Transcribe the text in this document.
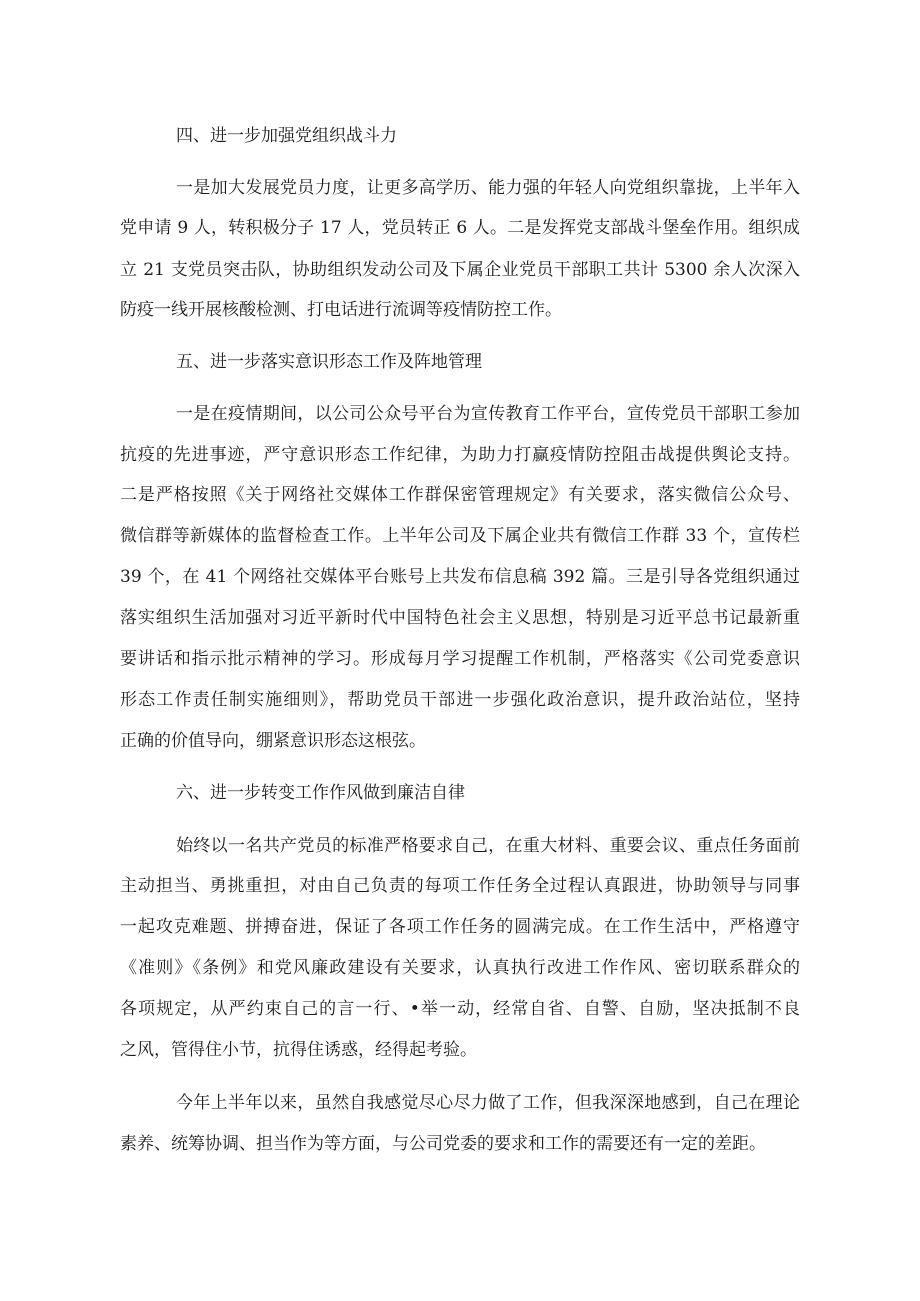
四、进一步加强党组织战斗力
一是加大发展党员力度，让更多高学历、能力强的年轻人向党组织靠拢，上半年入
党申请 9 人，转积极分子 17 人，党员转正 6 人。二是发挥党支部战斗堡垒作用。组织成
立 21 支党员突击队，协助组织发动公司及下属企业党员干部职工共计 5300 余人次深入
防疫一线开展核酸检测、打电话进行流调等疫情防控工作。
五、进一步落实意识形态工作及阵地管理
一是在疫情期间，以公司公众号平台为宣传教育工作平台，宣传党员干部职工参加
抗疫的先进事迹，严守意识形态工作纪律，为助力打赢疫情防控阻击战提供舆论支持。
二是严格按照《关于网络社交媒体工作群保密管理规定》有关要求，落实微信公众号、
微信群等新媒体的监督检查工作。上半年公司及下属企业共有微信工作群 33 个，宣传栏
39 个，在 41 个网络社交媒体平台账号上共发布信息稿 392 篇。三是引导各党组织通过
落实组织生活加强对习近平新时代中国特色社会主义思想，特别是习近平总书记最新重
要讲话和指示批示精神的学习。形成每月学习提醒工作机制，严格落实《公司党委意识
形态工作责任制实施细则》，帮助党员干部进一步强化政治意识，提升政治站位，坚持
正确的价值导向，绷紧意识形态这根弦。
六、进一步转变工作作风做到廉洁自律
始终以一名共产党员的标准严格要求自己，在重大材料、重要会议、重点任务面前
主动担当、勇挑重担，对由自己负责的每项工作任务全过程认真跟进，协助领导与同事
一起攻克难题、拼搏奋进，保证了各项工作任务的圆满完成。在工作生活中，严格遵守
《准则》《条例》和党风廉政建设有关要求，认真执行改进工作作风、密切联系群众的
各项规定，从严约束自己的言一行、•举一动，经常自省、自警、自励，坚决抵制不良
之风，管得住小节，抗得住诱惑，经得起考验。
今年上半年以来，虽然自我感觉尽心尽力做了工作，但我深深地感到，自己在理论
素养、统筹协调、担当作为等方面，与公司党委的要求和工作的需要还有一定的差距。
